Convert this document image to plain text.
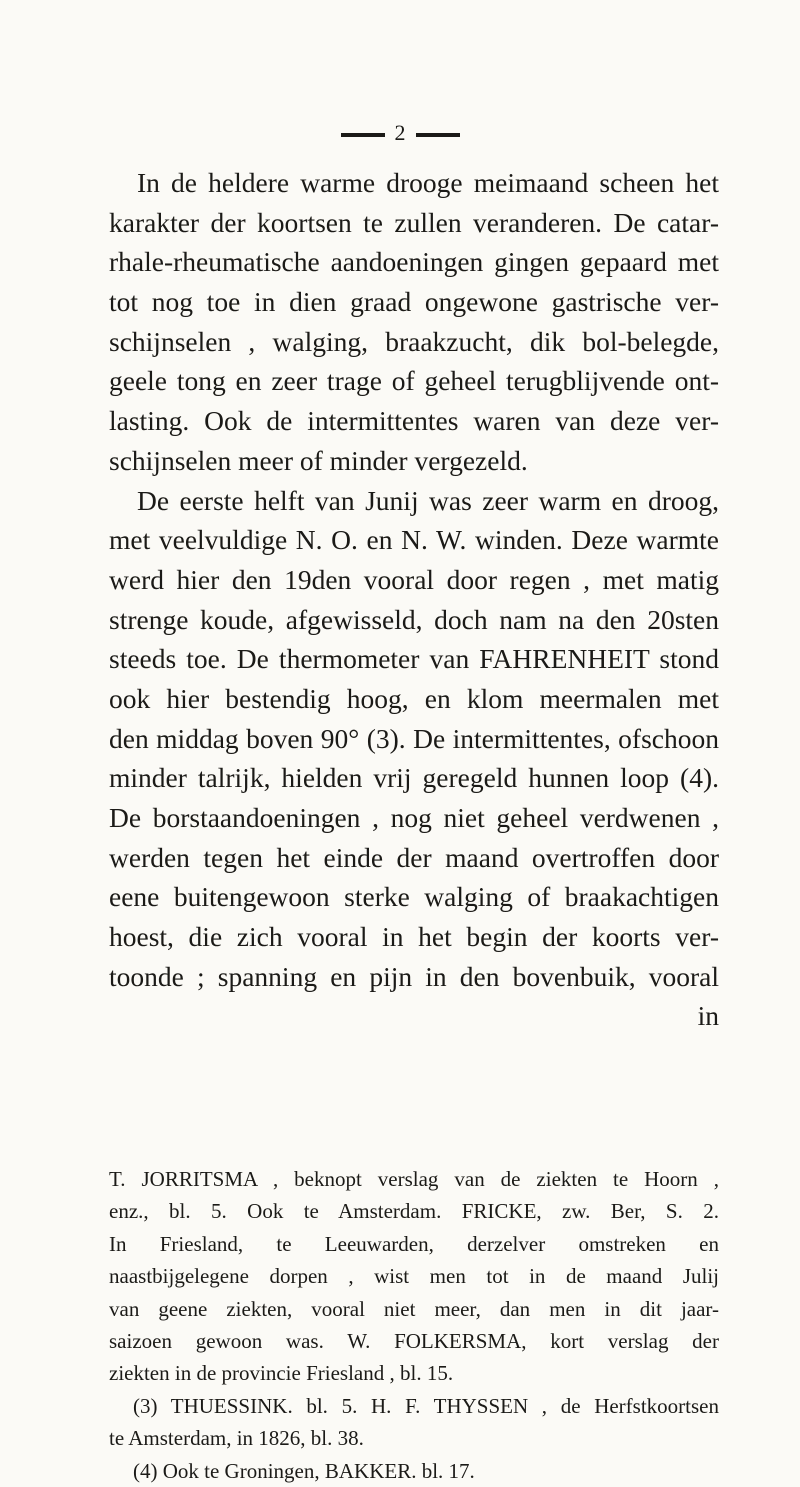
2
In de heldere warme drooge meimaand scheen het
karakter der koortsen te zullen veranderen. De catar-
rhale-rheumatische aandoeningen gingen gepaard met
tot nog toe in dien graad ongewone gastrische ver-
schijnselen , walging, braakzucht, dik bol-belegde,
geele tong en zeer trage of geheel terugblijvende ont-
lasting. Ook de intermittentes waren van deze ver-
schijnselen meer of minder vergezeld.
De eerste helft van Junij was zeer warm en droog,
met veelvuldige N. O. en N. W. winden. Deze warmte
werd hier den 19den vooral door regen , met matig
strenge koude, afgewisseld, doch nam na den 20sten
steeds toe. De thermometer van FAHRENHEIT stond
ook hier bestendig hoog, en klom meermalen met
den middag boven 90° (3). De intermittentes, ofschoon
minder talrijk, hielden vrij geregeld hunnen loop (4).
De borstaandoeningen , nog niet geheel verdwenen ,
werden tegen het einde der maand overtroffen door
eene buitengewoon sterke walging of braakachtigen
hoest, die zich vooral in het begin der koorts ver-
toonde ; spanning en pijn in den bovenbuik, vooral
in
T. JORRITSMA , beknopt verslag van de ziekten te Hoorn ,
enz., bl. 5. Ook te Amsterdam. FRICKE, zw. Ber, S. 2.
In Friesland, te Leeuwarden, derzelver omstreken en
naastbijgelegene dorpen , wist men tot in de maand Julij
van geene ziekten, vooral niet meer, dan men in dit jaar-
saizoen gewoon was. W. FOLKERSMA, kort verslag der
ziekten in de provincie Friesland , bl. 15.
(3) THUESSINK. bl. 5. H. F. THYSSEN , de Herfstkoortsen
te Amsterdam, in 1826, bl. 38.
(4) Ook te Groningen, BAKKER. bl. 17.
